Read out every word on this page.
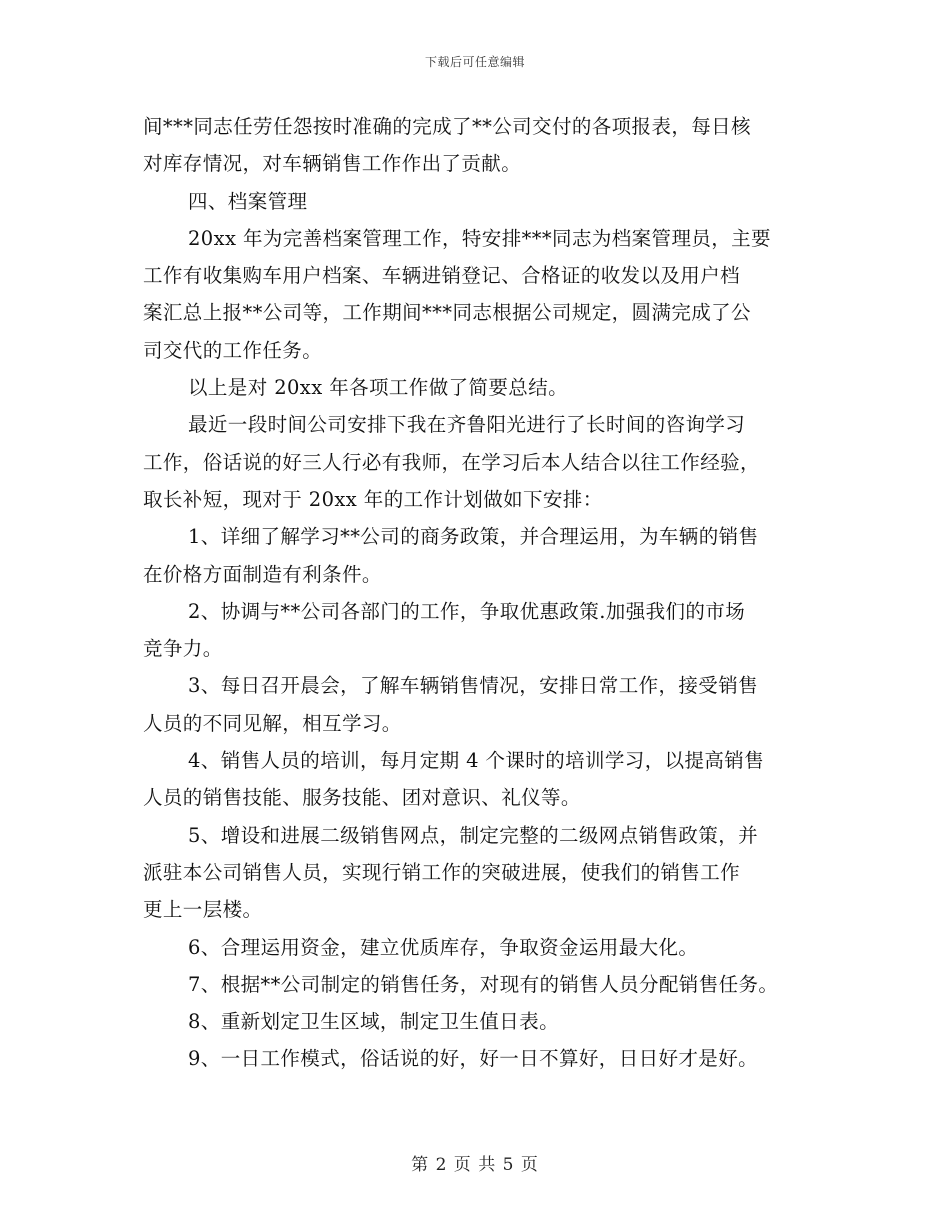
下载后可任意编辑
间***同志任劳任怨按时准确的完成了**公司交付的各项报表，每日核
对库存情况，对车辆销售工作作出了贡献。
四、档案管理
20xx 年为完善档案管理工作，特安排***同志为档案管理员，主要
工作有收集购车用户档案、车辆进销登记、合格证的收发以及用户档
案汇总上报**公司等，工作期间***同志根据公司规定，圆满完成了公
司交代的工作任务。
以上是对 20xx 年各项工作做了简要总结。
最近一段时间公司安排下我在齐鲁阳光进行了长时间的咨询学习
工作，俗话说的好三人行必有我师，在学习后本人结合以往工作经验，
取长补短，现对于 20xx 年的工作计划做如下安排：
1、详细了解学习**公司的商务政策，并合理运用，为车辆的销售
在价格方面制造有利条件。
2、协调与**公司各部门的工作，争取优惠政策.加强我们的市场
竞争力。
3、每日召开晨会，了解车辆销售情况，安排日常工作，接受销售
人员的不同见解，相互学习。
4、销售人员的培训，每月定期 4 个课时的培训学习，以提高销售
人员的销售技能、服务技能、团对意识、礼仪等。
5、增设和进展二级销售网点，制定完整的二级网点销售政策，并
派驻本公司销售人员，实现行销工作的突破进展，使我们的销售工作
更上一层楼。
6、合理运用资金，建立优质库存，争取资金运用最大化。
7、根据**公司制定的销售任务，对现有的销售人员分配销售任务。
8、重新划定卫生区域，制定卫生值日表。
9、一日工作模式，俗话说的好，好一日不算好，日日好才是好。
第 2 页 共 5 页
